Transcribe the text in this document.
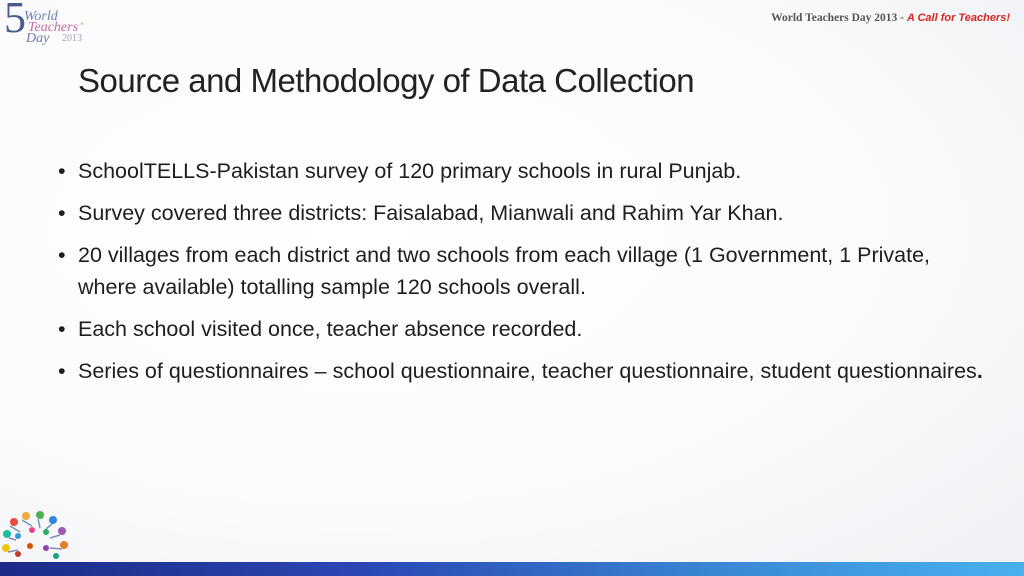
5
World
Teachers ’
Day 2013
World Teachers Day 2013 - A Call for Teachers!
Source and Methodology of Data Collection
• SchoolTELLS-Pakistan survey of 120 primary schools in rural Punjab.
• Survey covered three districts: Faisalabad, Mianwali and Rahim Yar Khan.
• 20 villages from each district and two schools from each village (1 Government, 1 Private, where available) totalling sample 120 schools overall.
• Each school visited once, teacher absence recorded.
• Series of questionnaires – school questionnaire, teacher questionnaire, student questionnaires.
